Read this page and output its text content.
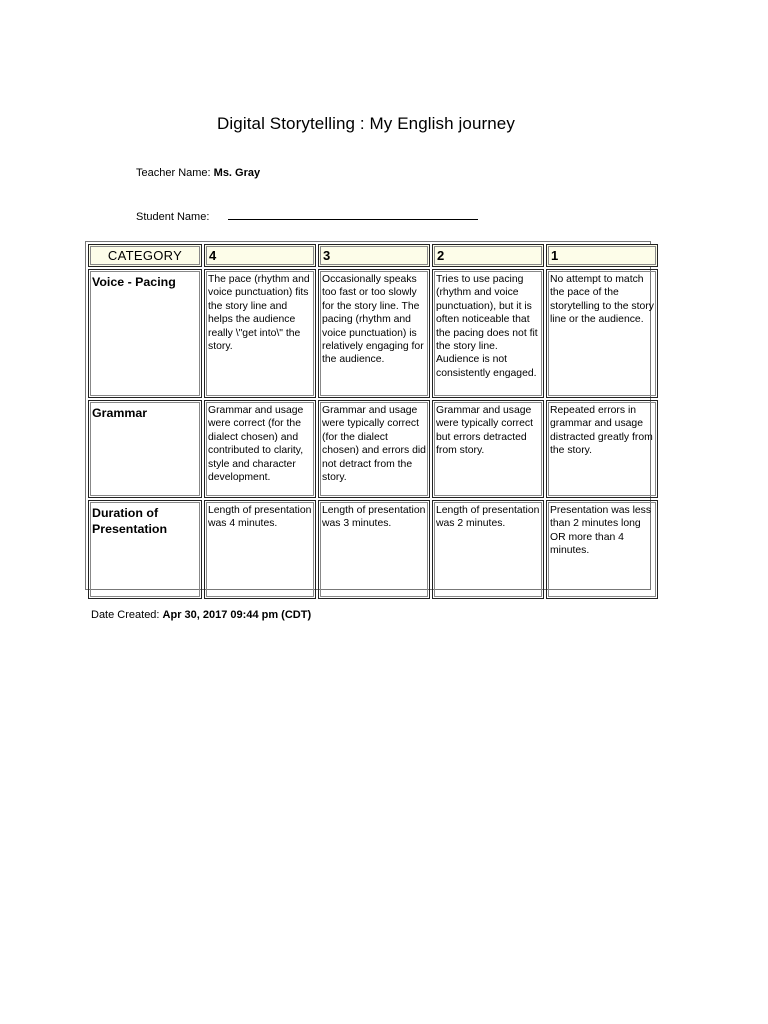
Digital Storytelling : My English journey
Teacher Name: Ms. Gray
Student Name:
CATEGORY	4	3	2	1
Voice - Pacing	The pace (rhythm and voice punctuation) fits the story line and helps the audience really \"get into\" the story.	Occasionally speaks too fast or too slowly for the story line. The pacing (rhythm and voice punctuation) is relatively engaging for the audience.	Tries to use pacing (rhythm and voice punctuation), but it is often noticeable that the pacing does not fit the story line. Audience is not consistently engaged.	No attempt to match the pace of the storytelling to the story line or the audience.
Grammar	Grammar and usage were correct (for the dialect chosen) and contributed to clarity, style and character development.	Grammar and usage were typically correct (for the dialect chosen) and errors did not detract from the story.	Grammar and usage were typically correct but errors detracted from story.	Repeated errors in grammar and usage distracted greatly from the story.
Duration of Presentation	Length of presentation was 4 minutes.	Length of presentation was 3 minutes.	Length of presentation was 2 minutes.	Presentation was less than 2 minutes long OR more than 4 minutes.
Date Created: Apr 30, 2017 09:44 pm (CDT)
